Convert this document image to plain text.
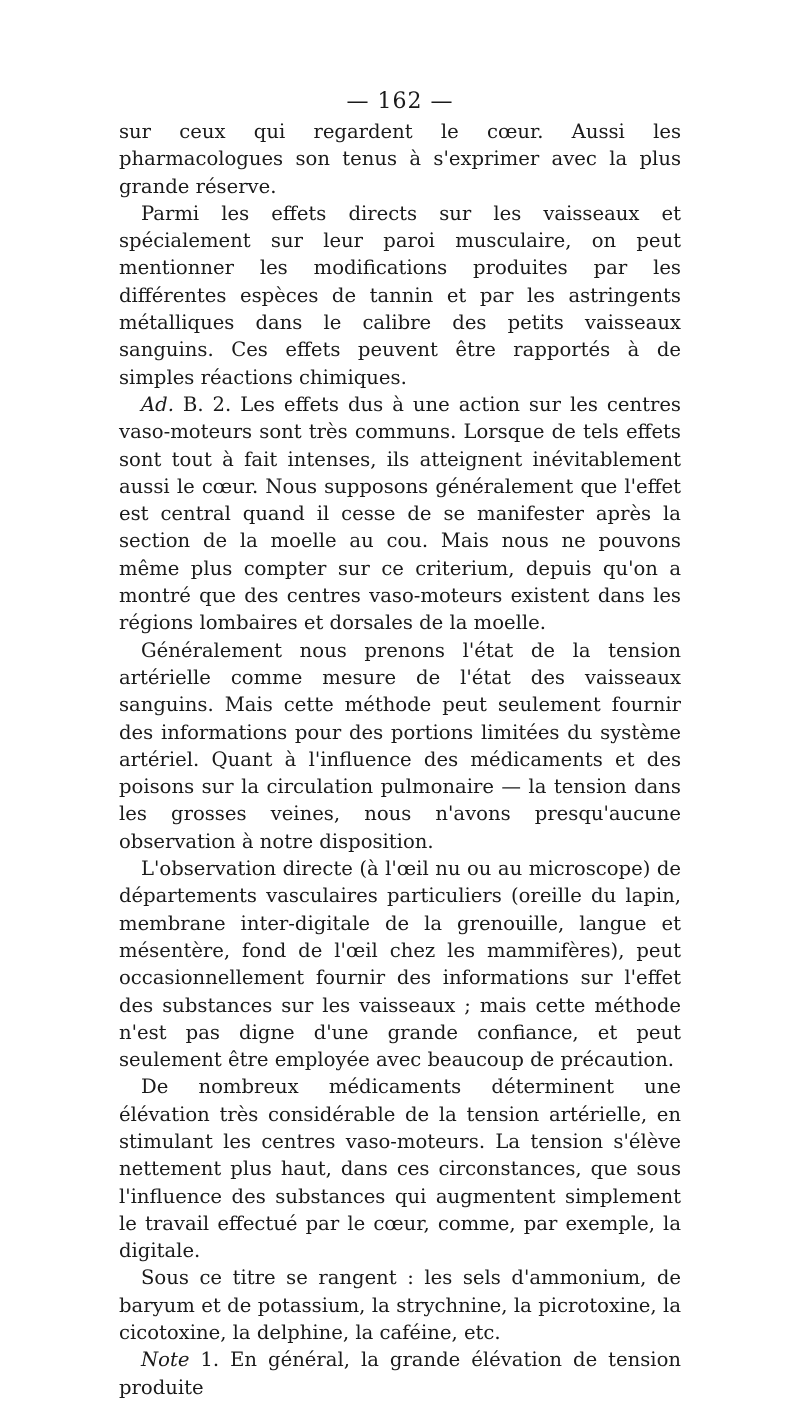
— 162 —

sur ceux qui regardent le cœur. Aussi les pharmacologues son tenus à s'exprimer avec la plus grande réserve.

Parmi les effets directs sur les vaisseaux et spécialement sur leur paroi musculaire, on peut mentionner les modifications produites par les différentes espèces de tannin et par les astringents métalliques dans le calibre des petits vaisseaux sanguins. Ces effets peuvent être rapportés à de simples réactions chimiques.

Ad. B. 2. Les effets dus à une action sur les centres vaso-moteurs sont très communs. Lorsque de tels effets sont tout à fait intenses, ils atteignent inévitablement aussi le cœur. Nous supposons généralement que l'effet est central quand il cesse de se manifester après la section de la moelle au cou. Mais nous ne pouvons même plus compter sur ce criterium, depuis qu'on a montré que des centres vaso-moteurs existent dans les régions lombaires et dorsales de la moelle.

Généralement nous prenons l'état de la tension artérielle comme mesure de l'état des vaisseaux sanguins. Mais cette méthode peut seulement fournir des informations pour des portions limitées du système artériel. Quant à l'influence des médicaments et des poisons sur la circulation pulmonaire — la tension dans les grosses veines, nous n'avons presqu'aucune observation à notre disposition.

L'observation directe (à l'œil nu ou au microscope) de départements vasculaires particuliers (oreille du lapin, membrane inter-digitale de la grenouille, langue et mésentère, fond de l'œil chez les mammifères), peut occasionnellement fournir des informations sur l'effet des substances sur les vaisseaux ; mais cette méthode n'est pas digne d'une grande confiance, et peut seulement être employée avec beaucoup de précaution.

De nombreux médicaments déterminent une élévation très considérable de la tension artérielle, en stimulant les centres vaso-moteurs. La tension s'élève nettement plus haut, dans ces circonstances, que sous l'influence des substances qui augmentent simplement le travail effectué par le cœur, comme, par exemple, la digitale.

Sous ce titre se rangent : les sels d'ammonium, de baryum et de potassium, la strychnine, la picrotoxine, la cicotoxine, la delphine, la caféine, etc.

Note 1. En général, la grande élévation de tension produite
